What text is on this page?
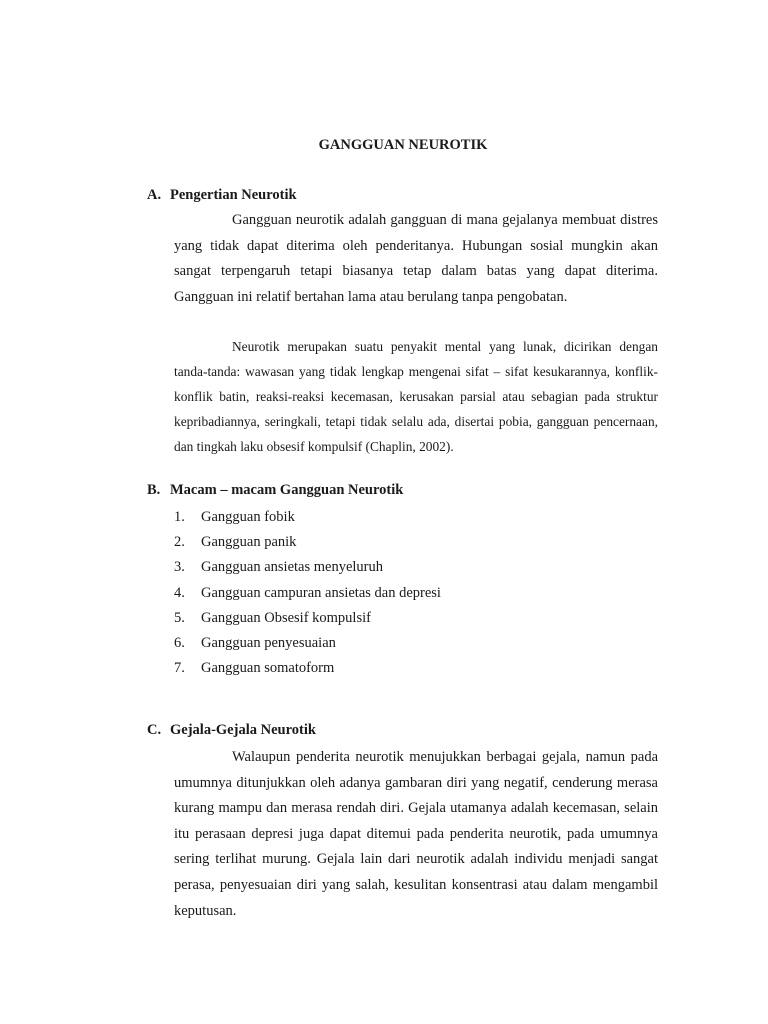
GANGGUAN NEUROTIK
A. Pengertian Neurotik

Gangguan neurotik adalah gangguan di mana gejalanya membuat distres yang tidak dapat diterima oleh penderitanya. Hubungan sosial mungkin akan sangat terpengaruh tetapi biasanya tetap dalam batas yang dapat diterima. Gangguan ini relatif bertahan lama atau berulang tanpa pengobatan.

Neurotik merupakan suatu penyakit mental yang lunak, dicirikan dengan tanda-tanda: wawasan yang tidak lengkap mengenai sifat – sifat kesukarannya, konflik-konflik batin, reaksi-reaksi kecemasan, kerusakan parsial atau sebagian pada struktur kepribadiannya, seringkali, tetapi tidak selalu ada, disertai pobia, gangguan pencernaan, dan tingkah laku obsesif kompulsif (Chaplin, 2002).

B. Macam – macam Gangguan Neurotik
1. Gangguan fobik
2. Gangguan panik
3. Gangguan ansietas menyeluruh
4. Gangguan campuran ansietas dan depresi
5. Gangguan Obsesif kompulsif
6. Gangguan penyesuaian
7. Gangguan somatoform
C. Gejala-Gejala Neurotik

Walaupun penderita neurotik menujukkan berbagai gejala, namun pada umumnya ditunjukkan oleh adanya gambaran diri yang negatif, cenderung merasa kurang mampu dan merasa rendah diri. Gejala utamanya adalah kecemasan, selain itu perasaan depresi juga dapat ditemui pada penderita neurotik, pada umumnya sering terlihat murung. Gejala lain dari neurotik adalah individu menjadi sangat perasa, penyesuaian diri yang salah, kesulitan konsentrasi atau dalam mengambil keputusan.
